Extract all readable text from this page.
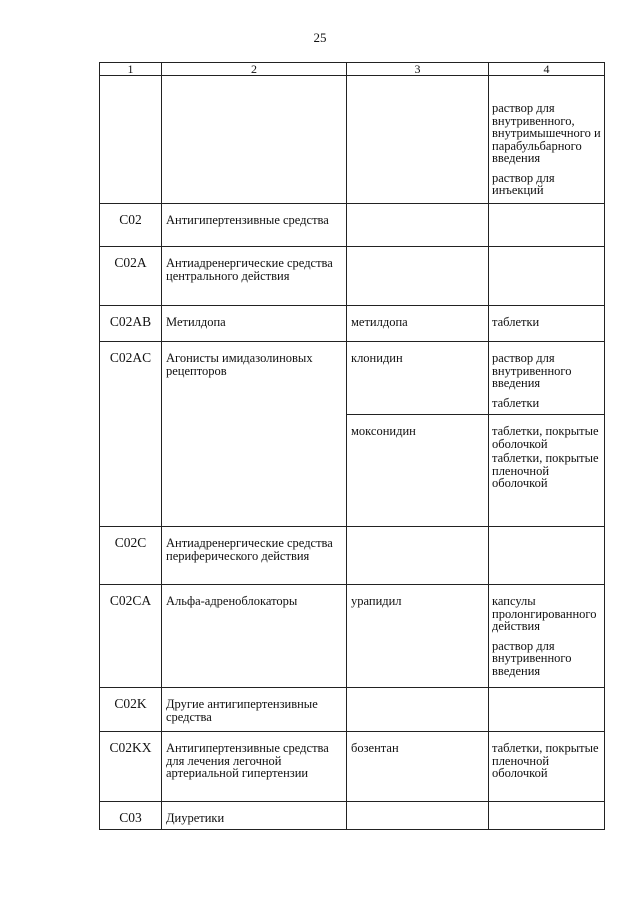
25
1	2	3	4

			раствор для внутривенного, внутримышечного и парабульбарного введения
раствор для инъекций

C02	Антигипертензивные средства		
C02A	Антиадренергические средства центрального действия		
C02AB	Метилдопа	метилдопа	таблетки

C02AC	Агонисты имидазолиновых рецепторов	клонидин	раствор для внутривенного введения
таблетки

		моксонидин	таблетки, покрытые оболочкой
таблетки, покрытые пленочной оболочкой

C02C	Антиадренергические средства периферического действия		
C02CA	Альфа-адреноблокаторы	урапидил	капсулы пролонгированного действия
раствор для внутривенного введения

C02K	Другие антигипертензивные средства		
C02KX	Антигипертензивные средства для лечения легочной артериальной гипертензии	бозентан	таблетки, покрытые пленочной оболочкой

C03	Диуретики		
